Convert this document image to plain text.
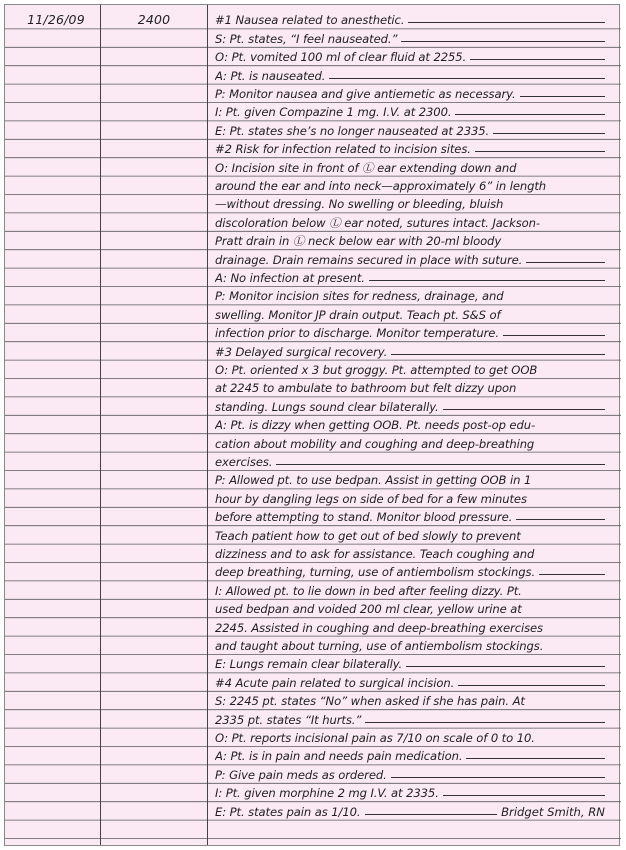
11/26/09	2400	#1 Nausea related to anesthetic.
S: Pt. states, “I feel nauseated.”
O: Pt. vomited 100 ml of clear fluid at 2255.
A: Pt. is nauseated.
P: Monitor nausea and give antiemetic as necessary.
I: Pt. given Compazine 1 mg. I.V. at 2300.
E: Pt. states she’s no longer nauseated at 2335.
#2 Risk for infection related to incision sites.
O: Incision site in front of Ⓛ ear extending down and
around the ear and into neck—approximately 6” in length
—without dressing. No swelling or bleeding, bluish
discoloration below Ⓛ ear noted, sutures intact. Jackson-
Pratt drain in Ⓛ neck below ear with 20-ml bloody
drainage. Drain remains secured in place with suture.
A: No infection at present.
P: Monitor incision sites for redness, drainage, and
swelling. Monitor JP drain output. Teach pt. S&S of
infection prior to discharge. Monitor temperature.
#3 Delayed surgical recovery.
O: Pt. oriented x 3 but groggy. Pt. attempted to get OOB
at 2245 to ambulate to bathroom but felt dizzy upon
standing. Lungs sound clear bilaterally.
A: Pt. is dizzy when getting OOB. Pt. needs post-op edu-
cation about mobility and coughing and deep-breathing
exercises.
P: Allowed pt. to use bedpan. Assist in getting OOB in 1
hour by dangling legs on side of bed for a few minutes
before attempting to stand. Monitor blood pressure.
Teach patient how to get out of bed slowly to prevent
dizziness and to ask for assistance. Teach coughing and
deep breathing, turning, use of antiembolism stockings.
I: Allowed pt. to lie down in bed after feeling dizzy. Pt.
used bedpan and voided 200 ml clear, yellow urine at
2245. Assisted in coughing and deep-breathing exercises
and taught about turning, use of antiembolism stockings.
E: Lungs remain clear bilaterally.
#4 Acute pain related to surgical incision.
S: 2245 pt. states “No” when asked if she has pain. At
2335 pt. states “It hurts.”
O: Pt. reports incisional pain as 7/10 on scale of 0 to 10.
A: Pt. is in pain and needs pain medication.
P: Give pain meds as ordered.
I: Pt. given morphine 2 mg I.V. at 2335.
E: Pt. states pain as 1/10.	Bridget Smith, RN
